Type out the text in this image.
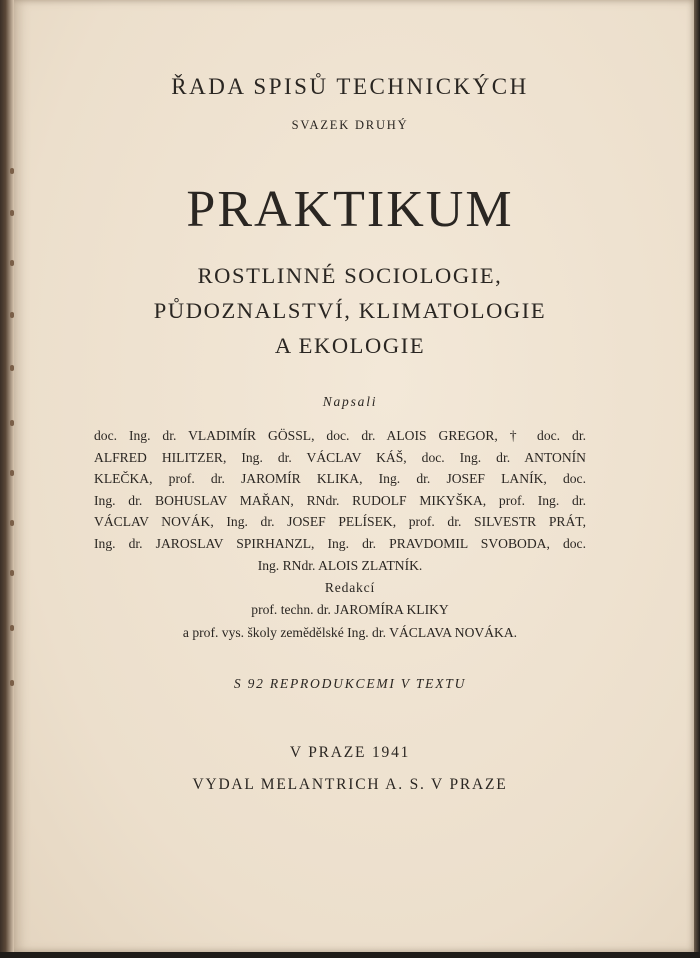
ŘADA SPISŮ TECHNICKÝCH
SVAZEK DRUHÝ
PRAKTIKUM
ROSTLINNÉ SOCIOLOGIE,
PŮDOZNALSTVÍ, KLIMATOLOGIE
A EKOLOGIE
Napsali
doc. Ing. dr. VLADIMÍR GÖSSL, doc. dr. ALOIS GREGOR, † doc. dr.
ALFRED HILITZER, Ing. dr. VÁCLAV KÁŠ, doc. Ing. dr. ANTONÍN
KLEČKA, prof. dr. JAROMÍR KLIKA, Ing. dr. JOSEF LANÍK, doc.
Ing. dr. BOHUSLAV MAŘAN, RNdr. RUDOLF MIKYŠKA, prof. Ing. dr.
VÁCLAV NOVÁK, Ing. dr. JOSEF PELÍSEK, prof. dr. SILVESTR PRÁT,
Ing. dr. JAROSLAV SPIRHANZL, Ing. dr. PRAVDOMIL SVOBODA, doc.
Ing. RNdr. ALOIS ZLATNÍK.
Redakcí
prof. techn. dr. JAROMÍRA KLIKY
a prof. vys. školy zemědělské Ing. dr. VÁCLAVA NOVÁKA.
S 92 REPRODUKCEMI V TEXTU
V PRAZE 1941
VYDAL MELANTRICH A. S. V PRAZE
